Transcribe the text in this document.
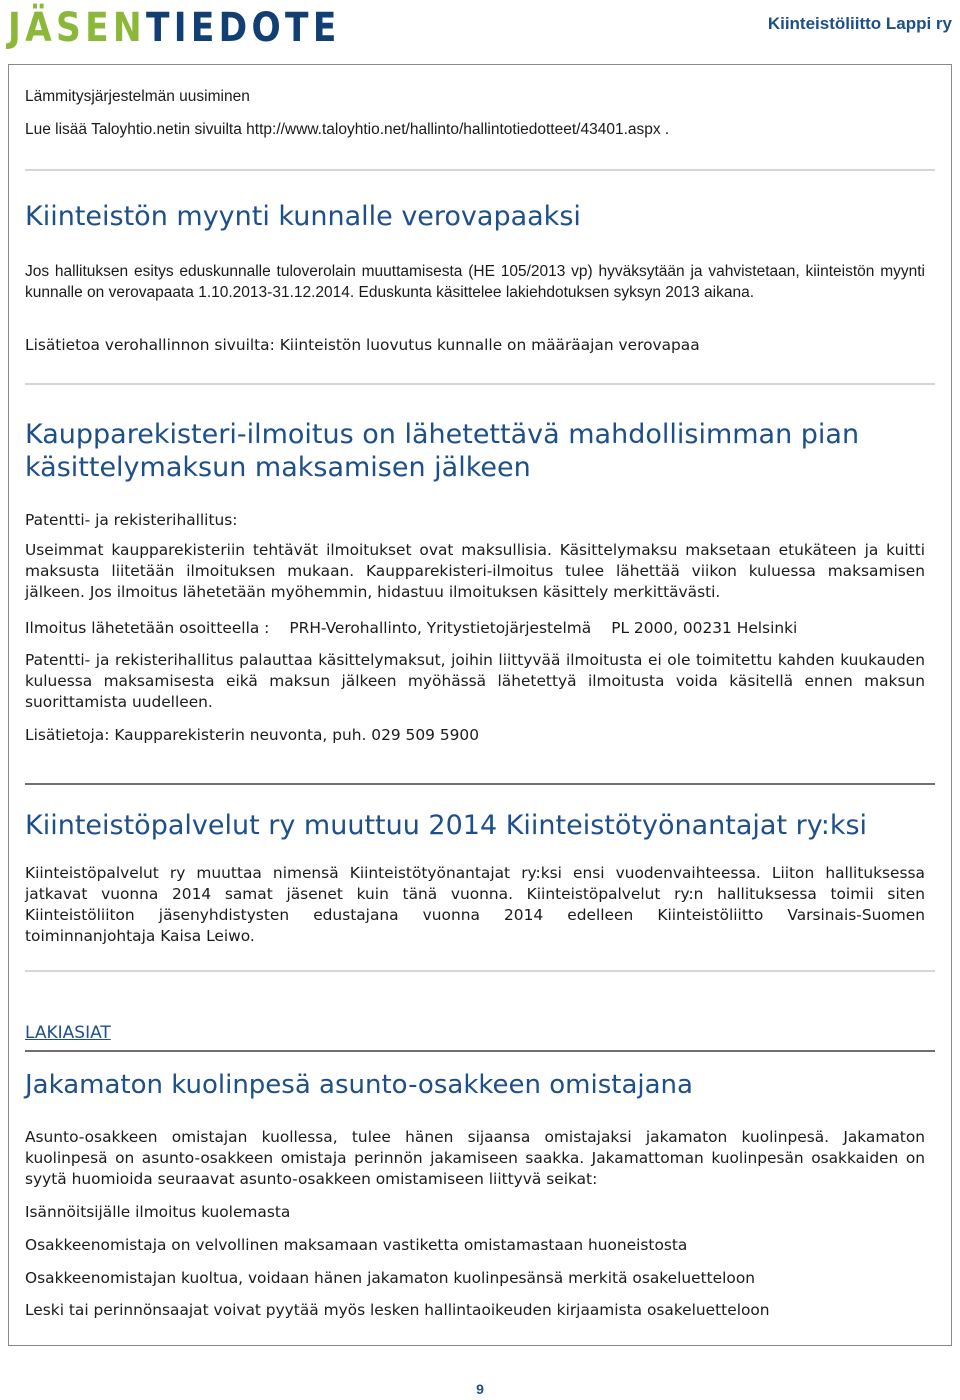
JÄSENTIEDOTE	Kiinteistöliitto Lappi ry
Lämmitysjärjestelmän uusiminen
Lue lisää Taloyhtio.netin sivuilta http://www.taloyhtio.net/hallinto/hallintotiedotteet/43401.aspx .
Kiinteistön myynti kunnalle verovapaaksi
Jos hallituksen esitys eduskunnalle tuloverolain muuttamisesta (HE 105/2013 vp) hyväksytään ja vahvistetaan, kiinteistön myynti kunnalle on verovapaata 1.10.2013-31.12.2014. Eduskunta käsittelee lakiehdotuksen syksyn 2013 aikana.
Lisätietoa verohallinnon sivuilta: Kiinteistön luovutus kunnalle on määräajan verovapaa
Kaupparekisteri-ilmoitus on lähetettävä mahdollisimman pian käsittelymaksun maksamisen jälkeen
Patentti- ja rekisterihallitus:
Useimmat kaupparekisteriin tehtävät ilmoitukset ovat maksullisia. Käsittelymaksu maksetaan etukäteen ja kuitti maksusta liitetään ilmoituksen mukaan. Kaupparekisteri-ilmoitus tulee lähettää viikon kuluessa maksamisen jälkeen. Jos ilmoitus lähetetään myöhemmin, hidastuu ilmoituksen käsittely merkittävästi.
Ilmoitus lähetetään osoitteella : PRH-Verohallinto, Yritystietojärjestelmä PL 2000, 00231 Helsinki
Patentti- ja rekisterihallitus palauttaa käsittelymaksut, joihin liittyvää ilmoitusta ei ole toimitettu kahden kuukauden kuluessa maksamisesta eikä maksun jälkeen myöhässä lähetettyä ilmoitusta voida käsitellä ennen maksun suorittamista uudelleen.
Lisätietoja: Kaupparekisterin neuvonta, puh. 029 509 5900
Kiinteistöpalvelut ry muuttuu 2014 Kiinteistötyönantajat ry:ksi
Kiinteistöpalvelut ry muuttaa nimensä Kiinteistötyönantajat ry:ksi ensi vuodenvaihteessa. Liiton hallituksessa jatkavat vuonna 2014 samat jäsenet kuin tänä vuonna. Kiinteistöpalvelut ry:n hallituksessa toimii siten Kiinteistöliiton jäsenyhdistysten edustajana vuonna 2014 edelleen Kiinteistöliitto Varsinais-Suomen toiminnanjohtaja Kaisa Leiwo.
LAKIASIAT
Jakamaton kuolinpesä asunto-osakkeen omistajana
Asunto-osakkeen omistajan kuollessa, tulee hänen sijaansa omistajaksi jakamaton kuolinpesä. Jakamaton kuolinpesä on asunto-osakkeen omistaja perinnön jakamiseen saakka. Jakamattoman kuolinpesän osakkaiden on syytä huomioida seuraavat asunto-osakkeen omistamiseen liittyvä seikat:
Isännöitsijälle ilmoitus kuolemasta
Osakkeenomistaja on velvollinen maksamaan vastiketta omistamastaan huoneistosta
Osakkeenomistajan kuoltua, voidaan hänen jakamaton kuolinpesänsä merkitä osakeluetteloon
Leski tai perinnönsaajat voivat pyytää myös lesken hallintaoikeuden kirjaamista osakeluetteloon
9
